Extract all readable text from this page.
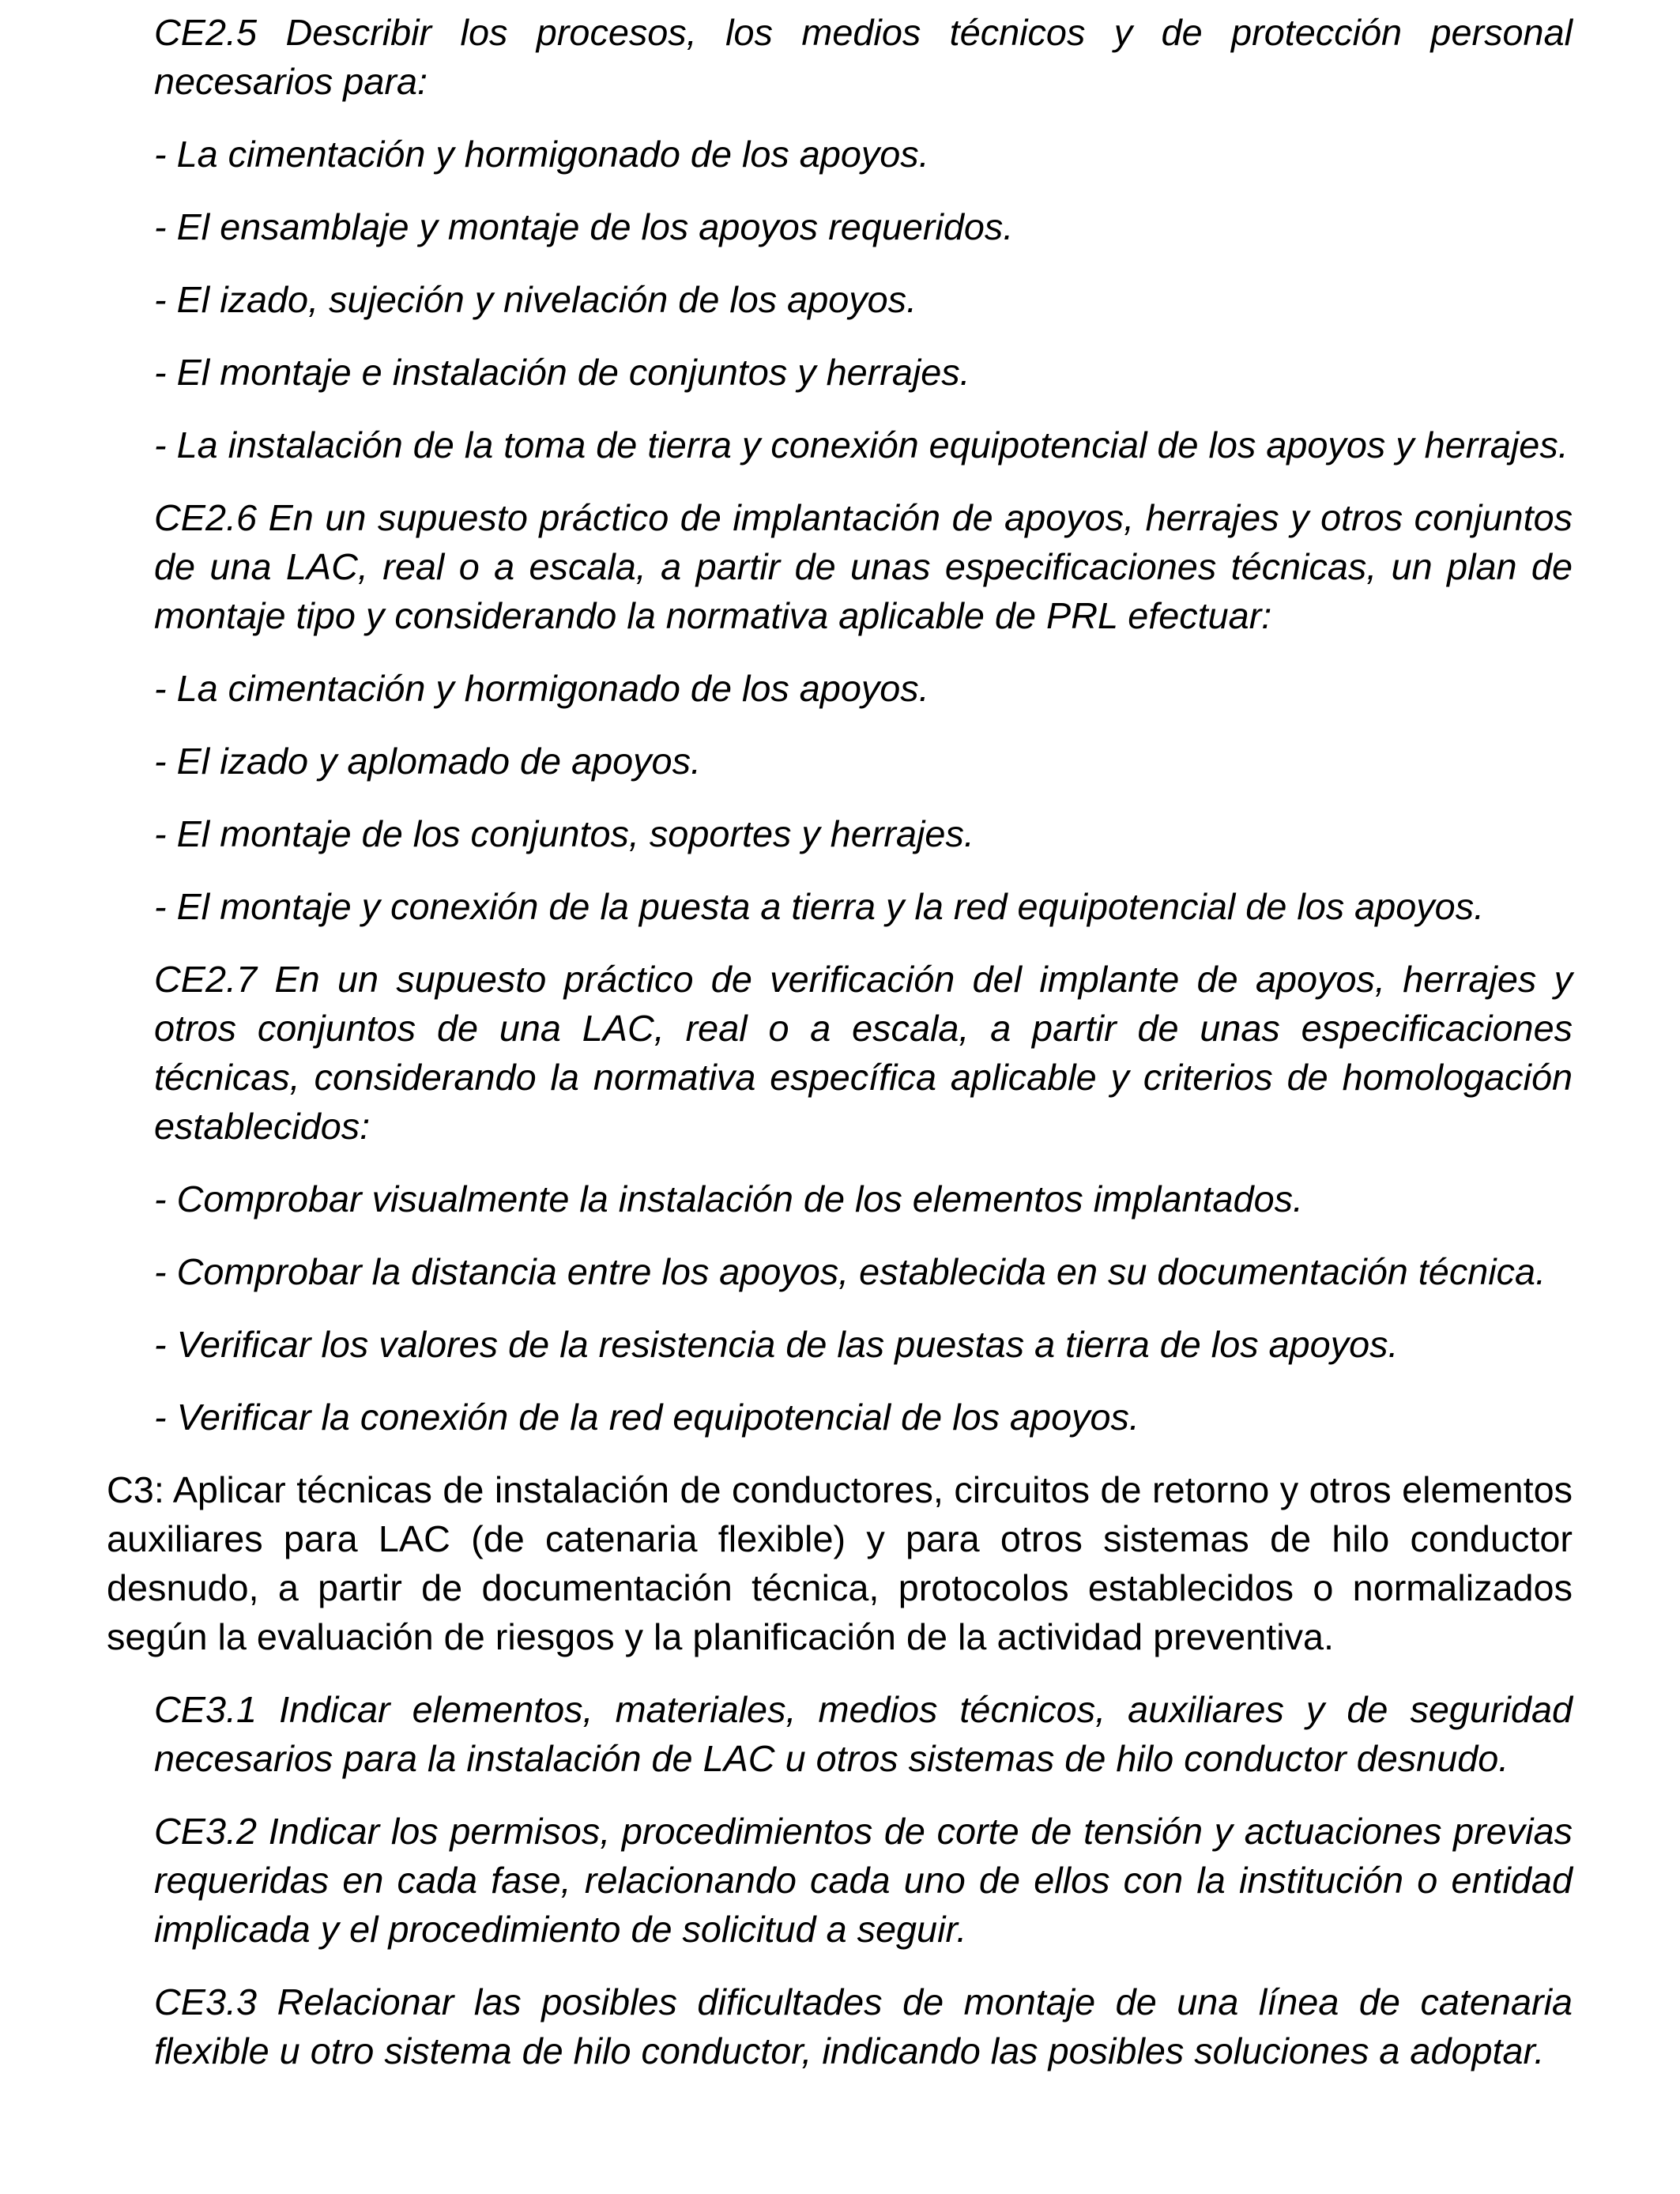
CE2.5 Describir los procesos, los medios técnicos y de protección personal necesarios para:

- La cimentación y hormigonado de los apoyos.

- El ensamblaje y montaje de los apoyos requeridos.

- El izado, sujeción y nivelación de los apoyos.

- El montaje e instalación de conjuntos y herrajes.

- La instalación de la toma de tierra y conexión equipotencial de los apoyos y herrajes.

CE2.6 En un supuesto práctico de implantación de apoyos, herrajes y otros conjuntos de una LAC, real o a escala, a partir de unas especificaciones técnicas, un plan de montaje tipo y considerando la normativa aplicable de PRL efectuar:

- La cimentación y hormigonado de los apoyos.

- El izado y aplomado de apoyos.

- El montaje de los conjuntos, soportes y herrajes.

- El montaje y conexión de la puesta a tierra y la red equipotencial de los apoyos.

CE2.7 En un supuesto práctico de verificación del implante de apoyos, herrajes y otros conjuntos de una LAC, real o a escala, a partir de unas especificaciones técnicas, considerando la normativa específica aplicable y criterios de homologación establecidos:

- Comprobar visualmente la instalación de los elementos implantados.

- Comprobar la distancia entre los apoyos, establecida en su documentación técnica.

- Verificar los valores de la resistencia de las puestas a tierra de los apoyos.

- Verificar la conexión de la red equipotencial de los apoyos.

C3: Aplicar técnicas de instalación de conductores, circuitos de retorno y otros elementos auxiliares para LAC (de catenaria flexible) y para otros sistemas de hilo conductor desnudo, a partir de documentación técnica, protocolos establecidos o normalizados según la evaluación de riesgos y la planificación de la actividad preventiva.

CE3.1 Indicar elementos, materiales, medios técnicos, auxiliares y de seguridad necesarios para la instalación de LAC u otros sistemas de hilo conductor desnudo.

CE3.2 Indicar los permisos, procedimientos de corte de tensión y actuaciones previas requeridas en cada fase, relacionando cada uno de ellos con la institución o entidad implicada y el procedimiento de solicitud a seguir.

CE3.3 Relacionar las posibles dificultades de montaje de una línea de catenaria flexible u otro sistema de hilo conductor, indicando las posibles soluciones a adoptar.
